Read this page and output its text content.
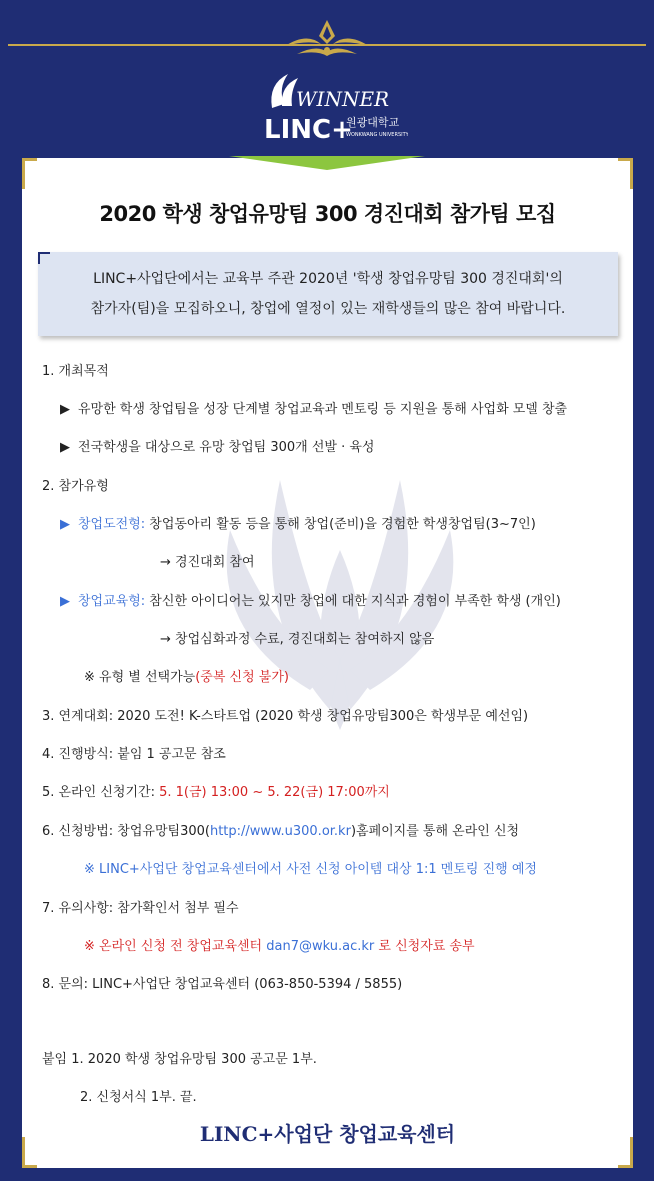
WINNER
LINC+
원광대학교
WONKWANG UNIVERSITY
2020 학생 창업유망팀 300 경진대회 참가팀 모집
LINC+사업단에서는 교육부 주관 2020년 '학생 창업유망팀 300 경진대회'의
참가자(팀)을 모집하오니, 창업에 열정이 있는 재학생들의 많은 참여 바랍니다.
1. 개최목적
▶ 유망한 학생 창업팀을 성장 단계별 창업교육과 멘토링 등 지원을 통해 사업화 모델 창출
▶ 전국학생을 대상으로 유망 창업팀 300개 선발 · 육성
2. 참가유형
▶ 창업도전형: 창업동아리 활동 등을 통해 창업(준비)을 경험한 학생창업팀(3~7인)
→ 경진대회 참여
▶ 창업교육형: 참신한 아이디어는 있지만 창업에 대한 지식과 경험이 부족한 학생 (개인)
→ 창업심화과정 수료, 경진대회는 참여하지 않음
※ 유형 별 선택가능(중복 신청 불가)
3. 연계대회: 2020 도전! K-스타트업 (2020 학생 창업유망팀300은 학생부문 예선임)
4. 진행방식: 붙임 1 공고문 참조
5. 온라인 신청기간: 5. 1(금) 13:00 ~ 5. 22(금) 17:00까지
6. 신청방법: 창업유망팀300(http://www.u300.or.kr)홈페이지를 통해 온라인 신청
※ LINC+사업단 창업교육센터에서 사전 신청 아이템 대상 1:1 멘토링 진행 예정
7. 유의사항: 참가확인서 첨부 필수
※ 온라인 신청 전 창업교육센터 dan7@wku.ac.kr 로 신청자료 송부
8. 문의: LINC+사업단 창업교육센터 (063-850-5394 / 5855)
붙임 1. 2020 학생 창업유망팀 300 공고문 1부.
2. 신청서식 1부. 끝.
LINC+사업단 창업교육센터
